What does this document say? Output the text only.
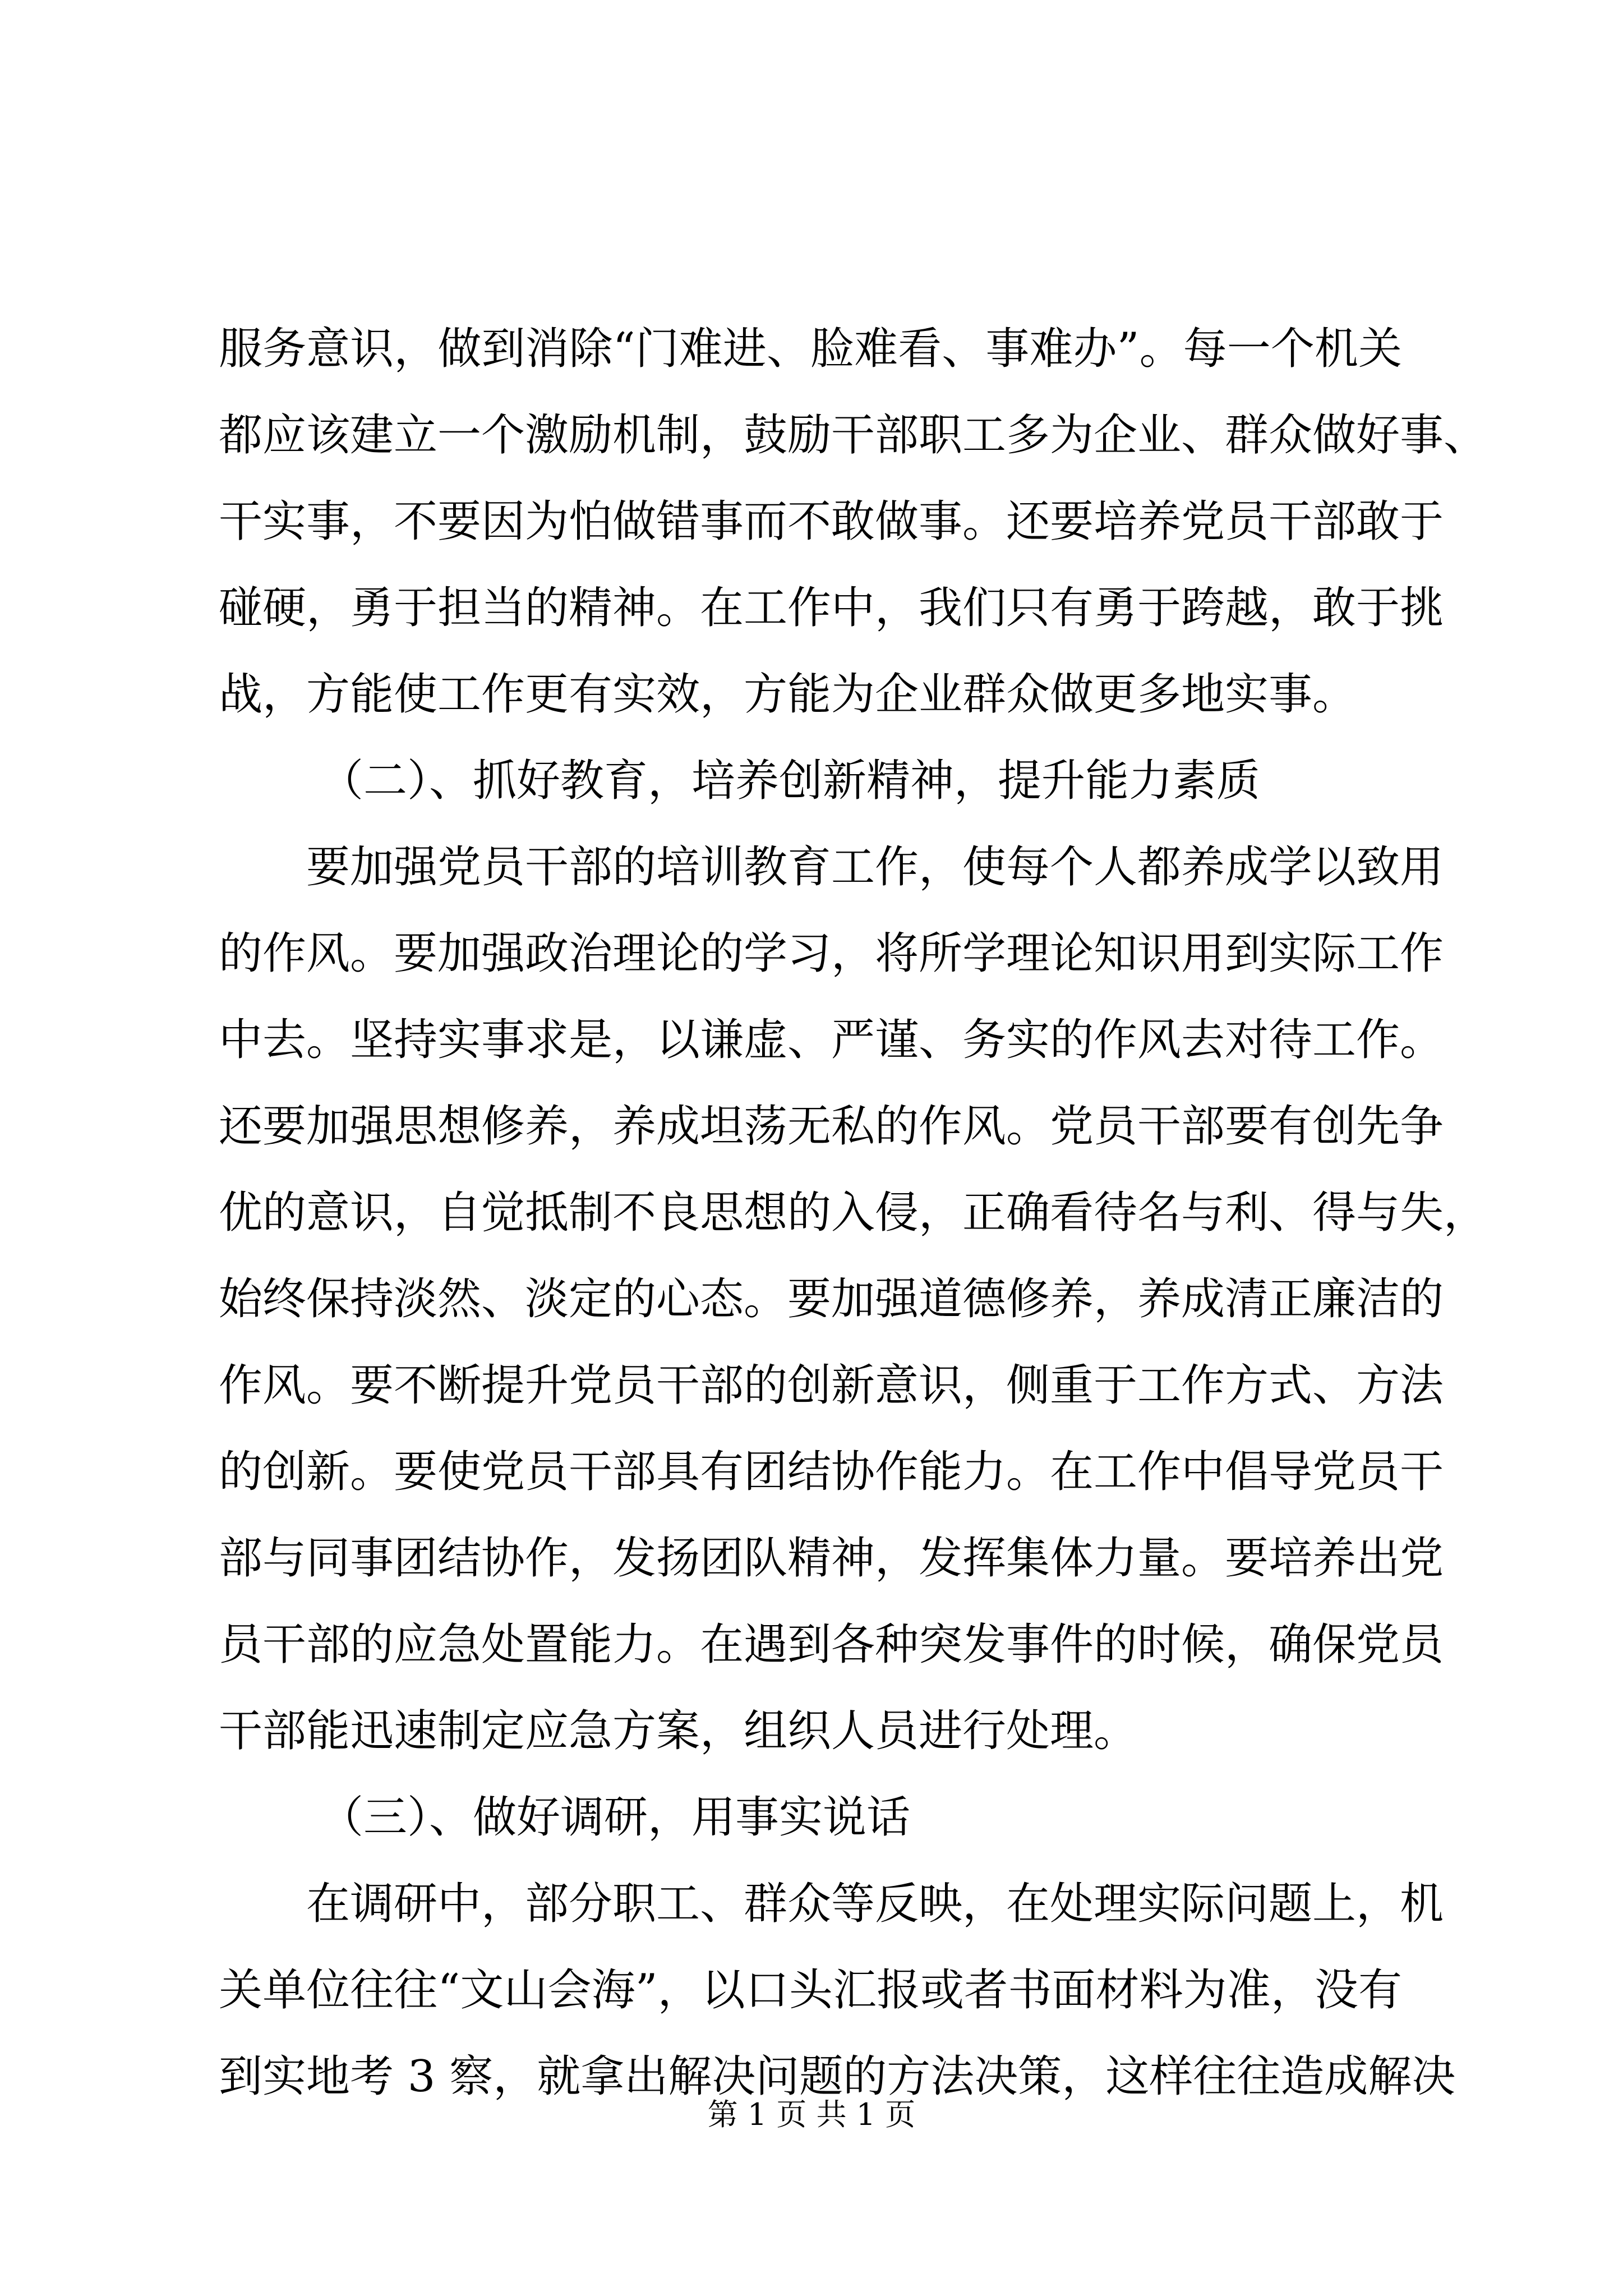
服务意识，做到消除“门难进、脸难看、事难办”。每一个机关
都应该建立一个激励机制，鼓励干部职工多为企业、群众做好事、
干实事，不要因为怕做错事而不敢做事。还要培养党员干部敢于
碰硬，勇于担当的精神。在工作中，我们只有勇于跨越，敢于挑
战，方能使工作更有实效，方能为企业群众做更多地实事。
（二）、抓好教育，培养创新精神，提升能力素质
要加强党员干部的培训教育工作，使每个人都养成学以致用
的作风。要加强政治理论的学习，将所学理论知识用到实际工作
中去。坚持实事求是，以谦虚、严谨、务实的作风去对待工作。
还要加强思想修养，养成坦荡无私的作风。党员干部要有创先争
优的意识，自觉抵制不良思想的入侵，正确看待名与利、得与失，
始终保持淡然、淡定的心态。要加强道德修养，养成清正廉洁的
作风。要不断提升党员干部的创新意识，侧重于工作方式、方法
的创新。要使党员干部具有团结协作能力。在工作中倡导党员干
部与同事团结协作，发扬团队精神，发挥集体力量。要培养出党
员干部的应急处置能力。在遇到各种突发事件的时候，确保党员
干部能迅速制定应急方案，组织人员进行处理。
（三）、做好调研，用事实说话
在调研中，部分职工、群众等反映，在处理实际问题上，机
关单位往往“文山会海”，以口头汇报或者书面材料为准，没有
到实地考 3 察，就拿出解决问题的方法决策，这样往往造成解决
第 1 页 共 1 页
